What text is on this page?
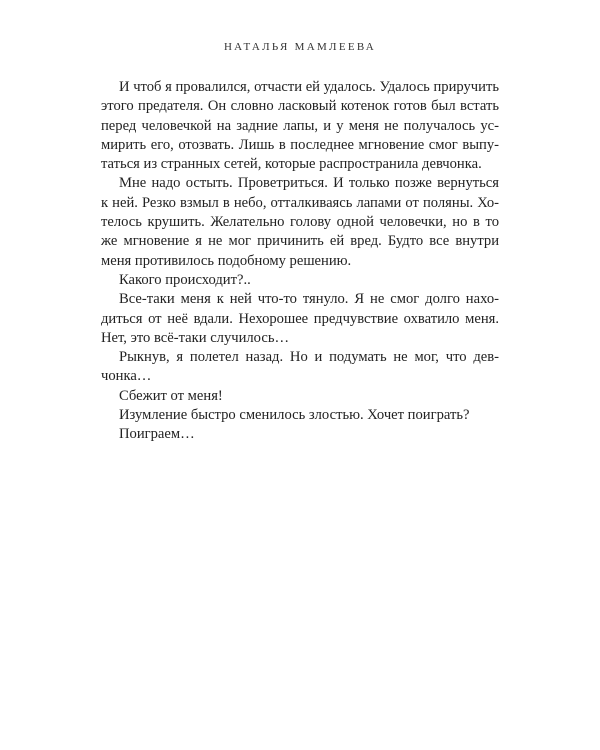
НАТАЛЬЯ МАМЛЕЕВА
И чтоб я провалился, отчасти ей удалось. Удалось приручить
этого предателя. Он словно ласковый котенок готов был встать
перед человечкой на задние лапы, и у меня не получалось ус-
мирить его, отозвать. Лишь в последнее мгновение смог выпу-
таться из странных сетей, которые распространила девчонка.
Мне надо остыть. Проветриться. И только позже вернуться
к ней. Резко взмыл в небо, отталкиваясь лапами от поляны. Хо-
телось крушить. Желательно голову одной человечки, но в то
же мгновение я не мог причинить ей вред. Будто все внутри
меня противилось подобному решению.
Какого происходит?..
Все-таки меня к ней что-то тянуло. Я не смог долго нахо-
диться от неё вдали. Нехорошее предчувствие охватило меня.
Нет, это всё-таки случилось…
Рыкнув, я полетел назад. Но и подумать не мог, что дев-
чонка…
Сбежит от меня!
Изумление быстро сменилось злостью. Хочет поиграть?
Поиграем…
